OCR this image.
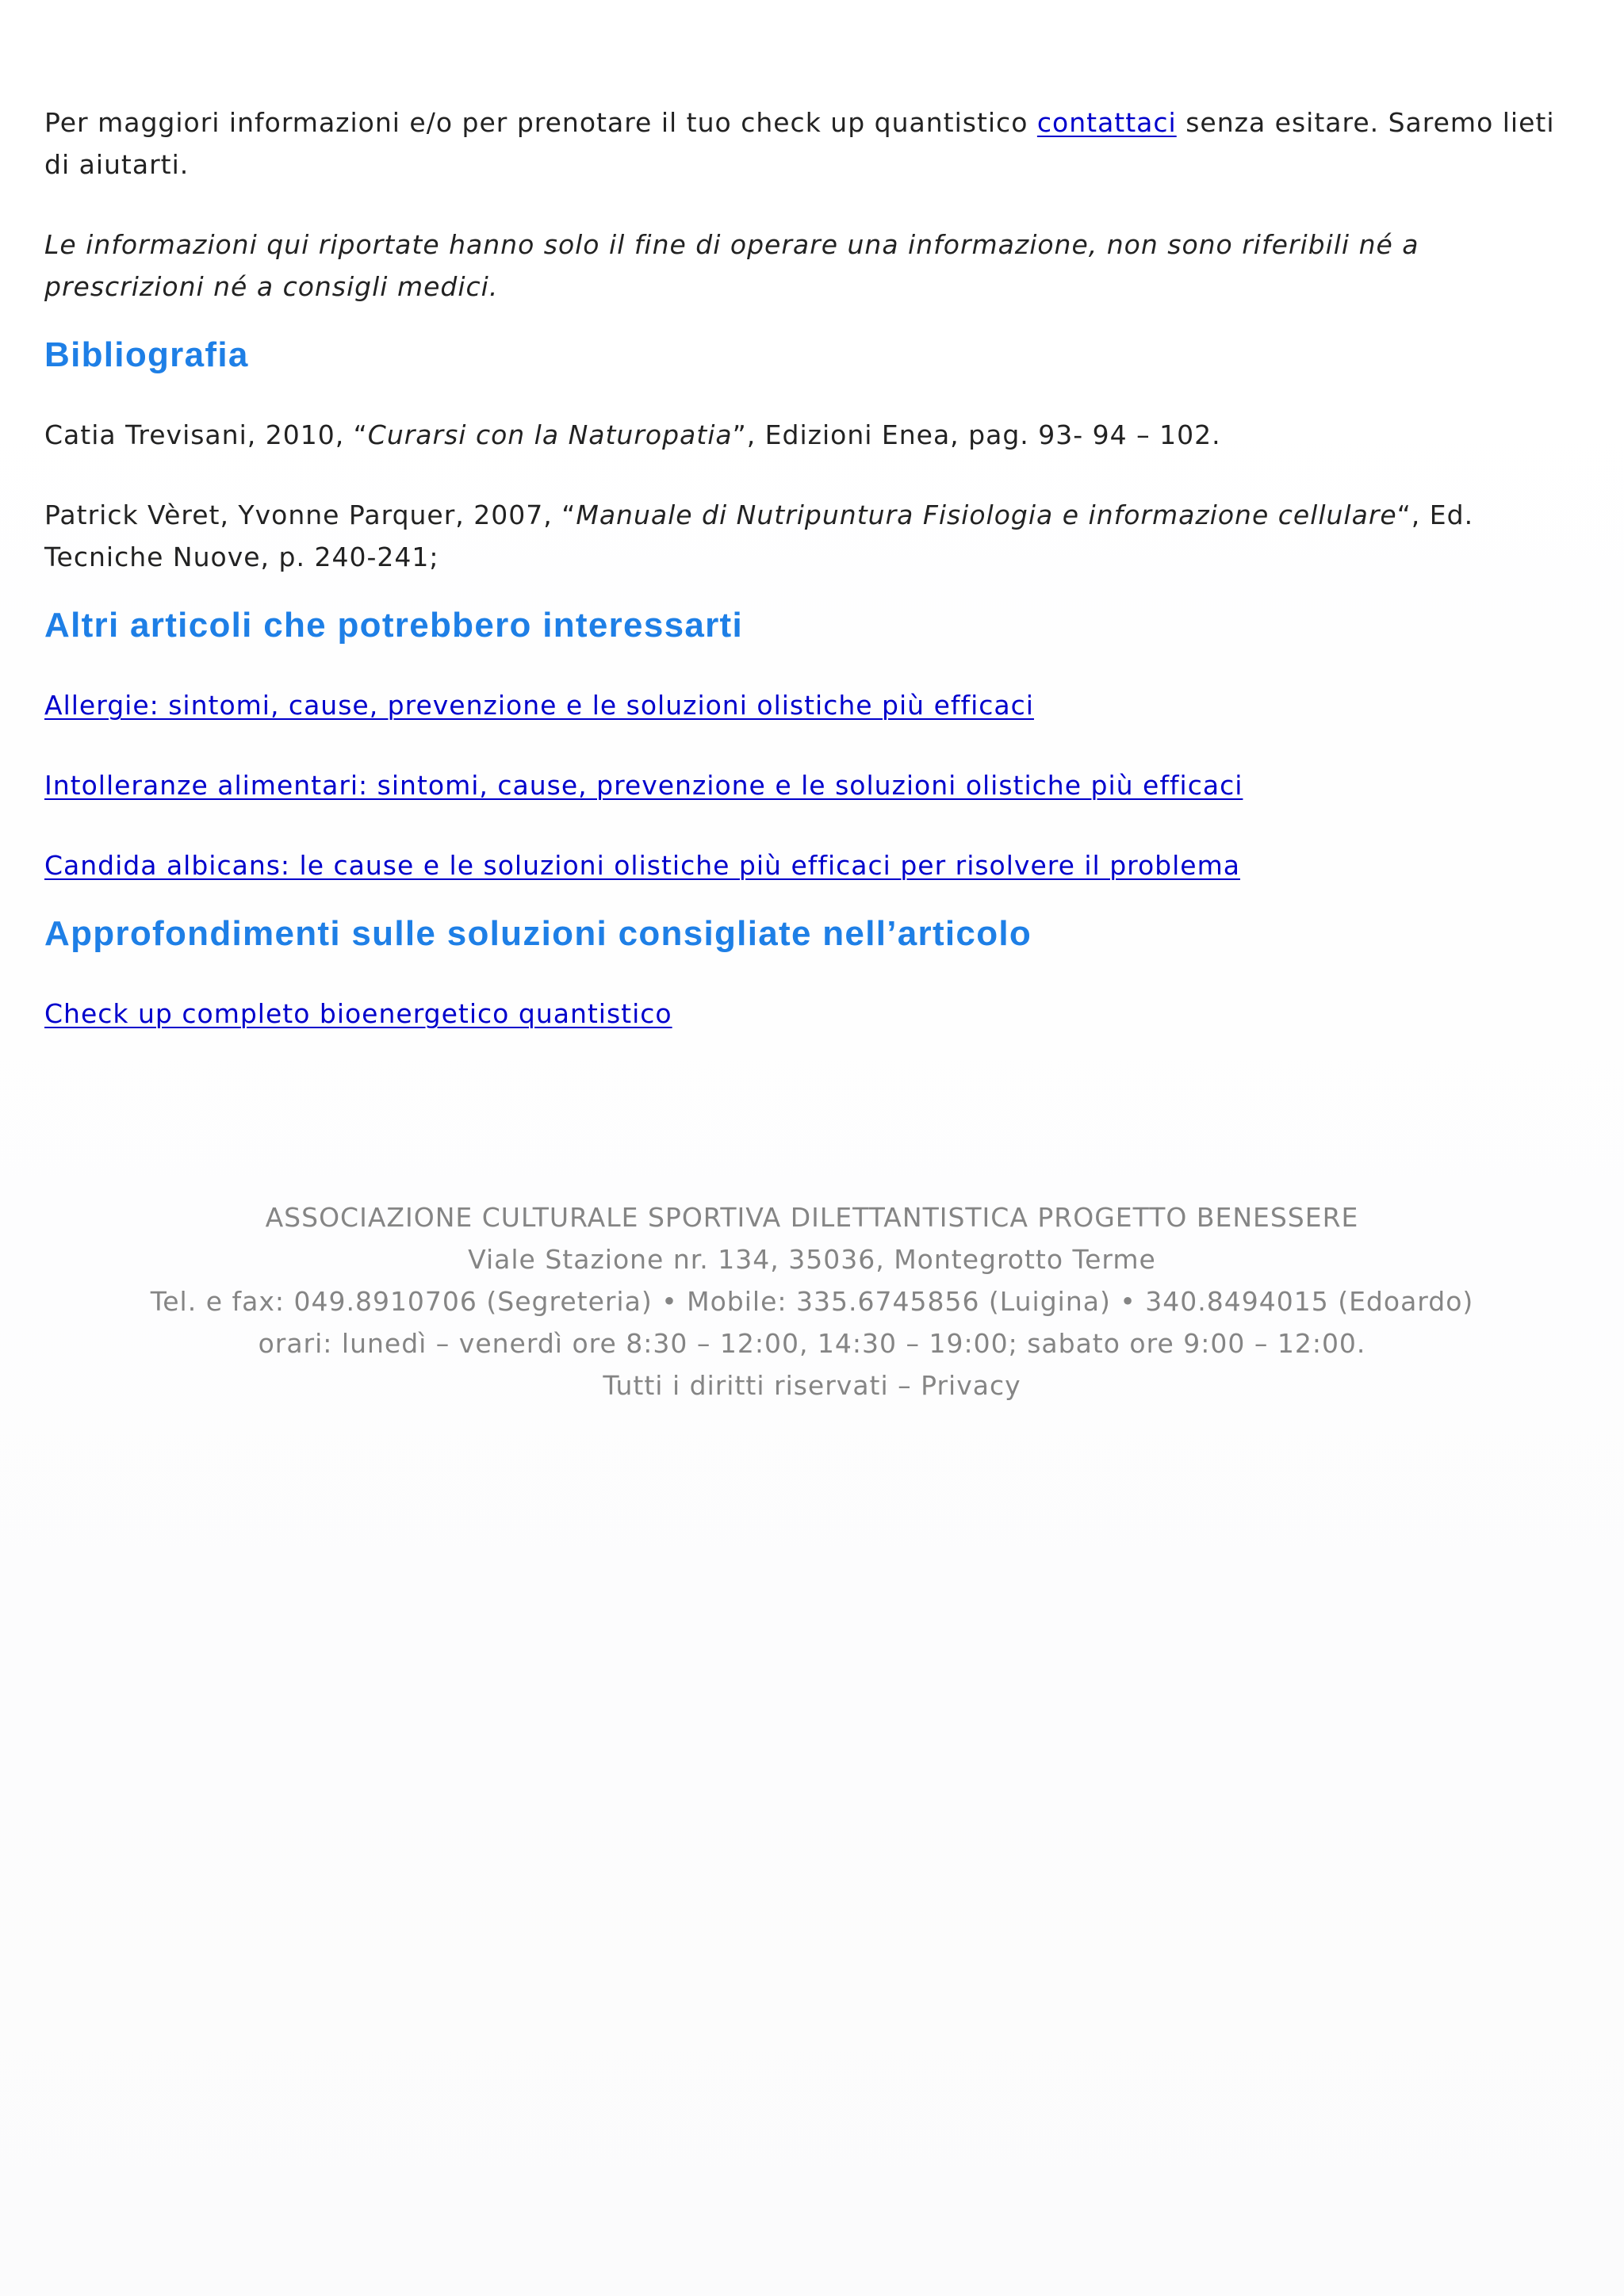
Per maggiori informazioni e/o per prenotare il tuo check up quantistico contattaci senza esitare. Saremo lieti di aiutarti.

Le informazioni qui riportate hanno solo il fine di operare una informazione, non sono riferibili né a prescrizioni né a consigli medici.

Bibliografia

Catia Trevisani, 2010, “Curarsi con la Naturopatia”, Edizioni Enea, pag. 93- 94 – 102.

Patrick Vèret, Yvonne Parquer, 2007, “Manuale di Nutripuntura Fisiologia e informazione cellulare“, Ed. Tecniche Nuove, p. 240-241;

Altri articoli che potrebbero interessarti

Allergie: sintomi, cause, prevenzione e le soluzioni olistiche più efficaci

Intolleranze alimentari: sintomi, cause, prevenzione e le soluzioni olistiche più efficaci

Candida albicans: le cause e le soluzioni olistiche più efficaci per risolvere il problema

Approfondimenti sulle soluzioni consigliate nell’articolo

Check up completo bioenergetico quantistico

ASSOCIAZIONE CULTURALE SPORTIVA DILETTANTISTICA PROGETTO BENESSERE
Viale Stazione nr. 134, 35036, Montegrotto Terme
Tel. e fax: 049.8910706 (Segreteria) • Mobile: 335.6745856 (Luigina) • 340.8494015 (Edoardo)
orari: lunedì – venerdì ore 8:30 – 12:00, 14:30 – 19:00; sabato ore 9:00 – 12:00.
Tutti i diritti riservati – Privacy
